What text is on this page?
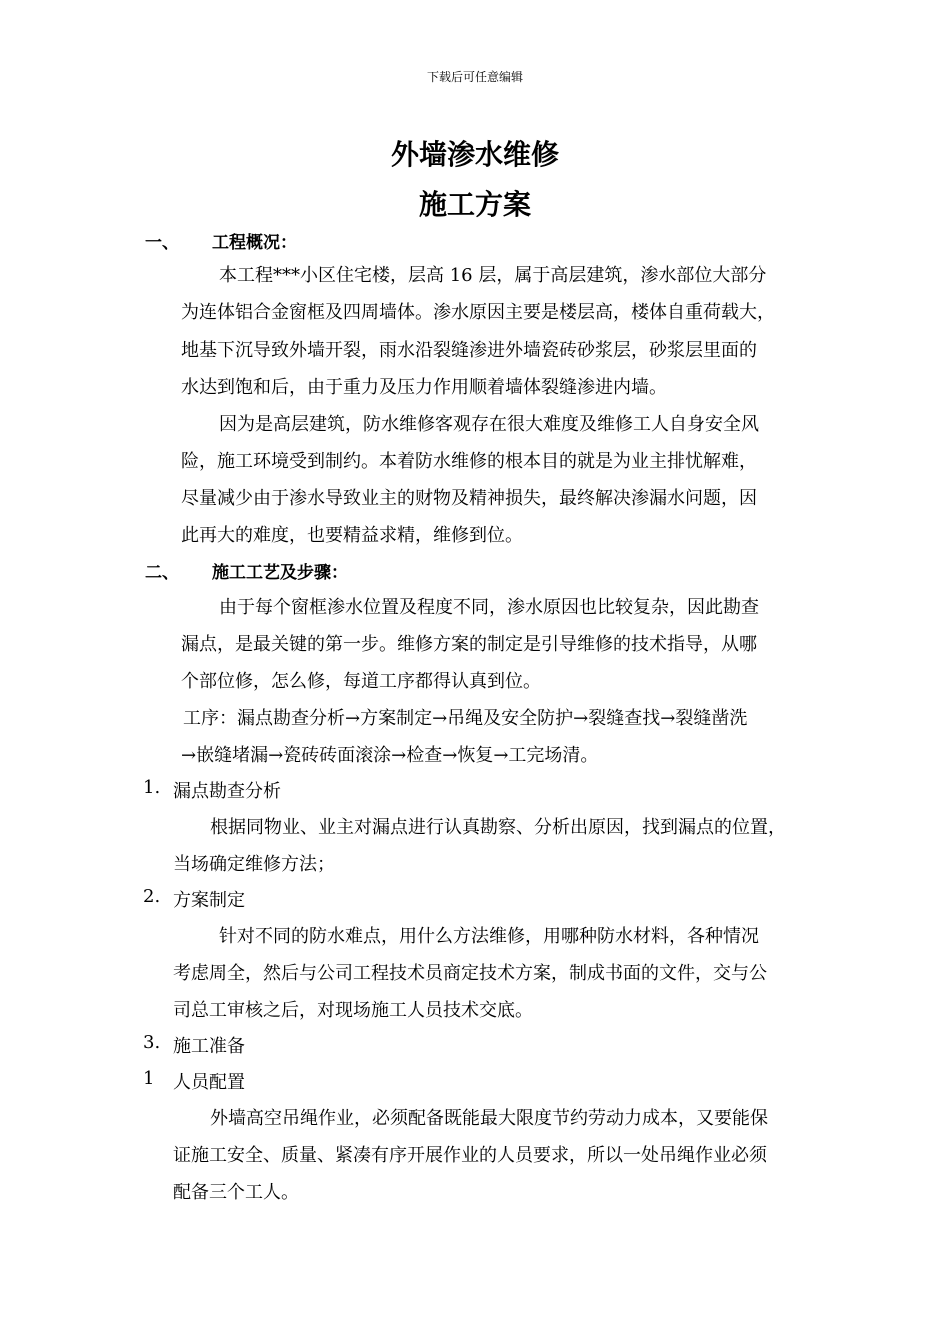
下载后可任意编辑
外墙渗水维修
施工方案
一、 工程概况：
本工程***小区住宅楼，层高 16 层，属于高层建筑，渗水部位大部分
为连体铝合金窗框及四周墙体。渗水原因主要是楼层高，楼体自重荷载大，
地基下沉导致外墙开裂，雨水沿裂缝渗进外墙瓷砖砂浆层，砂浆层里面的
水达到饱和后，由于重力及压力作用顺着墙体裂缝渗进内墙。
因为是高层建筑，防水维修客观存在很大难度及维修工人自身安全风
险，施工环境受到制约。本着防水维修的根本目的就是为业主排忧解难，
尽量减少由于渗水导致业主的财物及精神损失，最终解决渗漏水问题，因
此再大的难度，也要精益求精，维修到位。
二、 施工工艺及步骤：
由于每个窗框渗水位置及程度不同，渗水原因也比较复杂，因此勘查
漏点，是最关键的第一步。维修方案的制定是引导维修的技术指导，从哪
个部位修，怎么修，每道工序都得认真到位。
工序：漏点勘查分析→方案制定→吊绳及安全防护→裂缝查找→裂缝凿洗
→嵌缝堵漏→瓷砖砖面滚涂→检查→恢复→工完场清。
1. 漏点勘查分析
根据同物业、业主对漏点进行认真勘察、分析出原因，找到漏点的位置，
当场确定维修方法；
2. 方案制定
针对不同的防水难点，用什么方法维修，用哪种防水材料，各种情况
考虑周全，然后与公司工程技术员商定技术方案，制成书面的文件，交与公
司总工审核之后，对现场施工人员技术交底。
3. 施工准备
1 人员配置
外墙高空吊绳作业，必须配备既能最大限度节约劳动力成本，又要能保
证施工安全、质量、紧凑有序开展作业的人员要求，所以一处吊绳作业必须
配备三个工人。
